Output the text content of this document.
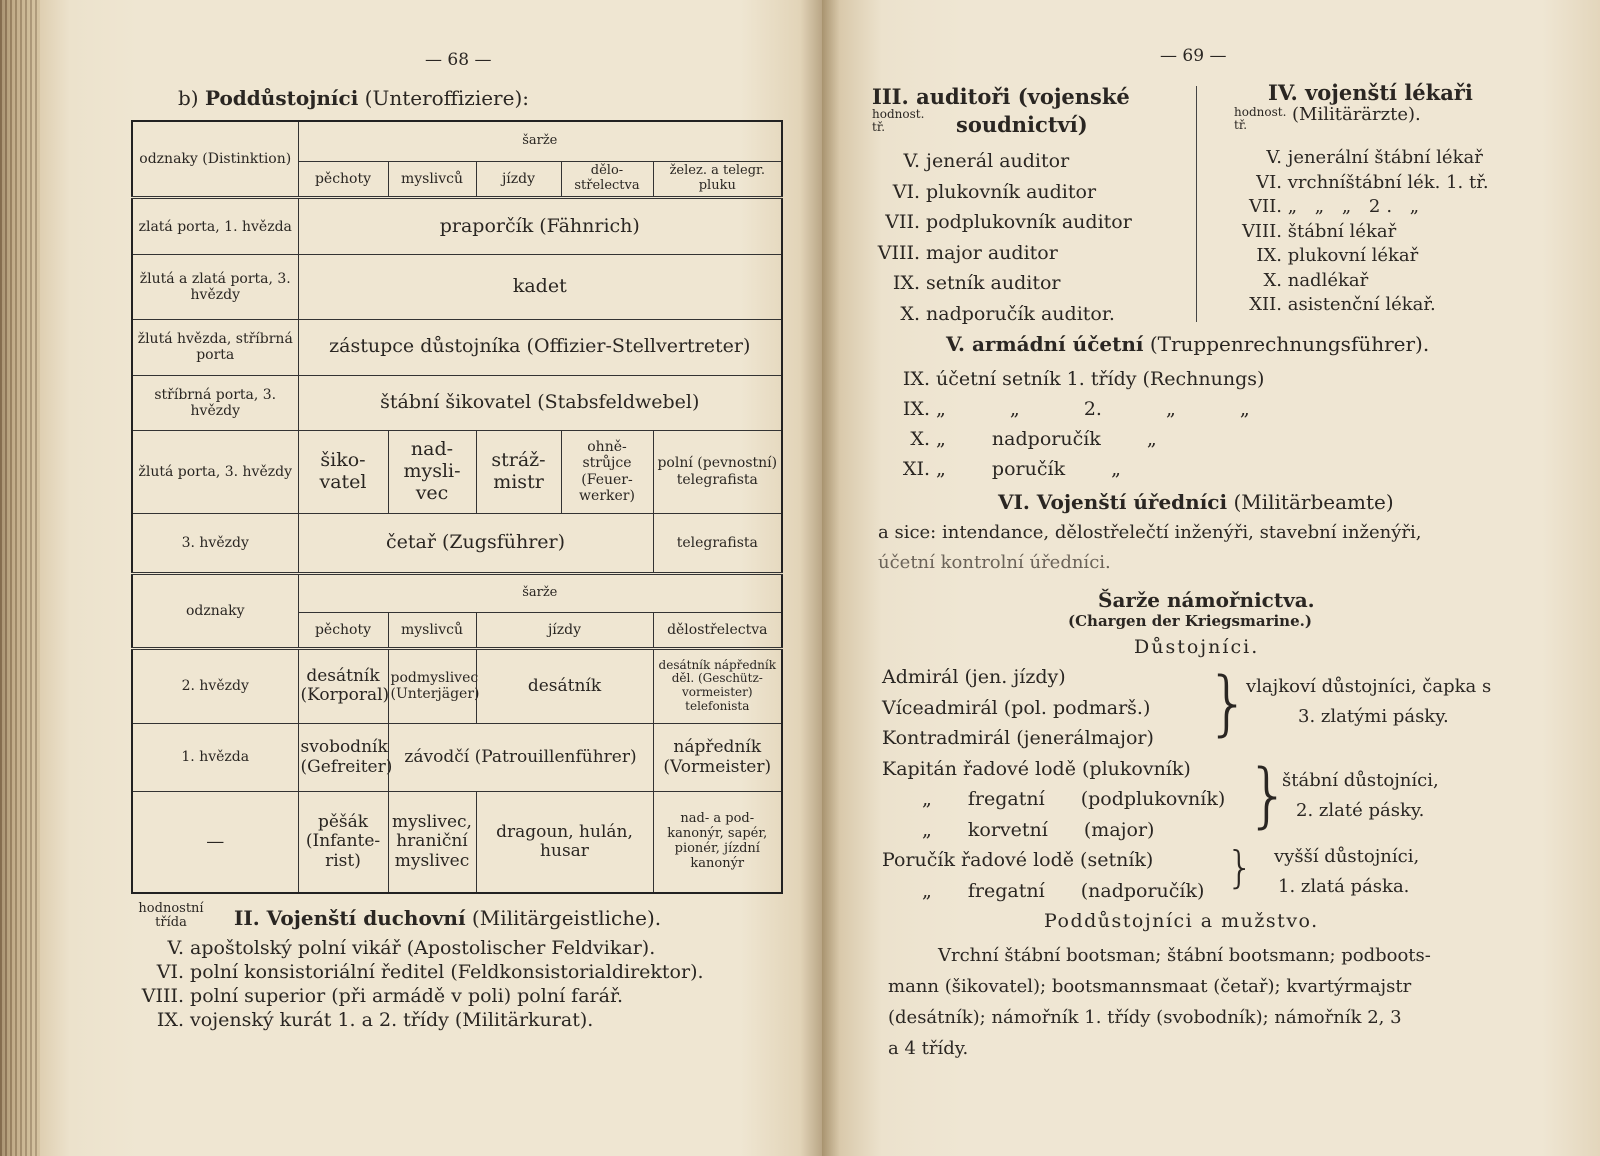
— 68 —
b) Poddůstojníci (Unteroffiziere):
odznaky (Distinktion)	šarže				
	pěchoty	myslivců	jízdy	dělo-střelectva	želez. a telegr. pluku
zlatá porta, 1. hvězda	praporčík (Fähnrich)				
žlutá a zlatá porta, 3. hvězdy	kadet				
žlutá hvězda, stříbrná porta	zástupce důstojníka (Offizier-Stellvertreter)				
stříbrná porta, 3. hvězdy	štábní šikovatel (Stabsfeldwebel)				
žlutá porta, 3. hvězdy	šiko-vatel	nad-mysli-vec	stráž-mistr	ohně-strůjce (Feuer-werker)	polní (pevnostní) telegrafista
3. hvězdy	četař (Zugsführer)				telegrafista
odznaky	šarže				
	pěchoty	myslivců	jízdy		dělostřelectva
2. hvězdy	desátník (Korporal)	podmyslivec (Unterjäger)	desátník		desátník nápředník děl. (Geschütz-vormeister) telefonista
1. hvězda	svobodník (Gefreiter)	závodčí (Patrouillenführer)			nápředník (Vormeister)
—	pěšák (Infante-rist)	myslivec, hraniční myslivec	dragoun, hulán, husar		nad- a pod-kanonýr, sapér, pionér, jízdní kanonýr
hodnostní třída	II. Vojenští duchovní (Militärgeistliche).
V. apoštolský polní vikář (Apostolischer Feldvikar).
VI. polní konsistoriální ředitel (Feldkonsistorialdirektor).
VIII. polní superior (při armádě v poli) polní farář.
IX. vojenský kurát 1. a 2. třídy (Militärkurat).
— 69 —
III. auditoři (vojenské
hodnost. tř.	soudnictví)
V. jenerál auditor
VI. plukovník auditor
VII. podplukovník auditor
VIII. major auditor
IX. setník auditor
X. nadporučík auditor.
IV. vojenští lékaři
hodnost. tř.	(Militärärzte).
V. jenerální štábní lékař
VI. vrchníštábní lék. 1. tř.
VII. „ „ „ 2. „
VIII. štábní lékař
IX. plukovní lékař
X. nadlékař
XII. asistenční lékař.
V. armádní účetní (Truppenrechnungsführer).
IX. účetní setník 1. třídy (Rechnungs)
IX. „ „ 2. „ „
X. „ nadporučík „
XI. „ poručík „
VI. Vojenští úředníci (Militärbeamte)
a sice: intendance, dělostřelečtí inženýři, stavební inženýři,
účetní kontrolní úředníci.
Šarže námořnictva.
(Chargen der Kriegsmarine.)
Důstojníci.
Admirál (jen. jízdy)
Víceadmirál (pol. podmarš.)
Kontradmirál (jenerálmajor)
Kapitán řadové lodě (plukovník)
„ fregatní (podplukovník)
„ korvetní (major)
Poručík řadové lodě (setník)
„ fregatní (nadporučík)
}
vlajkoví důstojníci, čapka s
3. zlatými pásky.
}
štábní důstojníci,
2. zlaté pásky.
} vyšší důstojníci,
1. zlatá páska.
Poddůstojníci a mužstvo.
Vrchní štábní bootsman; štábní bootsmann; podboots-
mann (šikovatel); bootsmannsmaat (četař); kvartýrmajstr
(desátník); námořník 1. třídy (svobodník); námořník 2, 3
a 4 třídy.
